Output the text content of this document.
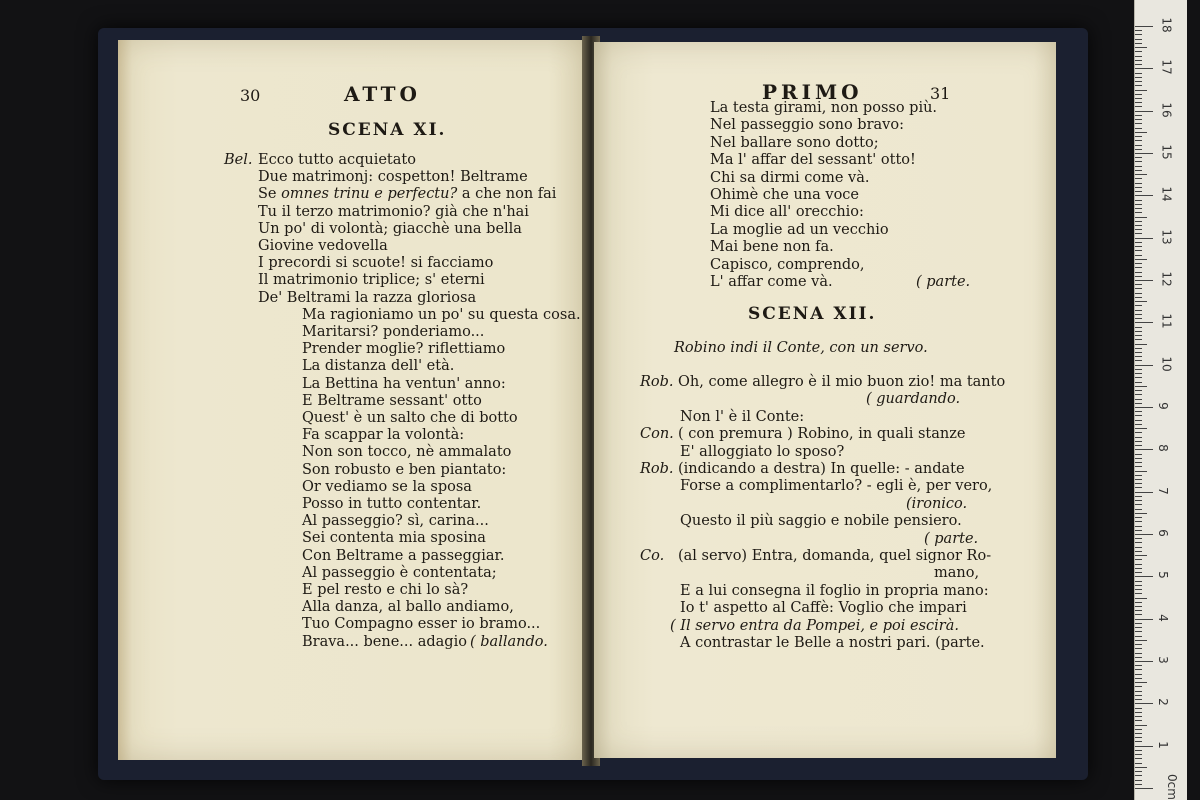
30	ATTO
SCENA XI.
Bel. Ecco tutto acquietato
Due matrimonj: cospetton! Beltrame
Se omnes trinu e perfectu? a che non fai
Tu il terzo matrimonio? già che n'hai
Un po' di volontà; giacchè una bella
Giovine vedovella
I precordi si scuote! si facciamo
Il matrimonio triplice; s' eterni
De' Beltrami la razza gloriosa
Ma ragioniamo un po' su questa cosa.
Maritarsi? ponderiamo...
Prender moglie? riflettiamo
La distanza dell' età.
La Bettina ha ventun' anno:
E Beltrame sessant' otto
Quest' è un salto che di botto
Fa scappar la volontà:
Non son tocco, nè ammalato
Son robusto e ben piantato:
Or vediamo se la sposa
Posso in tutto contentar.
Al passeggio? sì, carina...
Sei contenta mia sposina
Con Beltrame a passeggiar.
Al passeggio è contentata;
E pel resto e chi lo sà?
Alla danza, al ballo andiamo,
Tuo Compagno esser io bramo...
Brava... bene... adagio ( ballando.
PRIMO	31
La testa girami, non posso più.
Nel passeggio sono bravo:
Nel ballare sono dotto;
Ma l' affar del sessant' otto!
Chi sa dirmi come và.
Ohimè che una voce
Mi dice all' orecchio:
La moglie ad un vecchio
Mai bene non fa.
Capisco, comprendo,
L' affar come và.	( parte.
SCENA XII.
Robino indi il Conte, con un servo.
Rob. Oh, come allegro è il mio buon zio! ma tanto
( guardando.
Non l' è il Conte:
Con. ( con premura ) Robino, in quali stanze
E' alloggiato lo sposo?
Rob. (indicando a destra) In quelle: - andate
Forse a complimentarlo? - egli è, per vero,
(ironico.
Questo il più saggio e nobile pensiero.
( parte.
Co. (al servo) Entra, domanda, quel signor Ro-
mano,
E a lui consegna il foglio in propria mano:
Io t' aspetto al Caffè: Voglio che impari
( Il servo entra da Pompei, e poi escirà.
A contrastar le Belle a nostri pari. (parte.
0cm
1
2
3
4
5
6
7
8
9
10
11
12
13
14
15
16
17
18
